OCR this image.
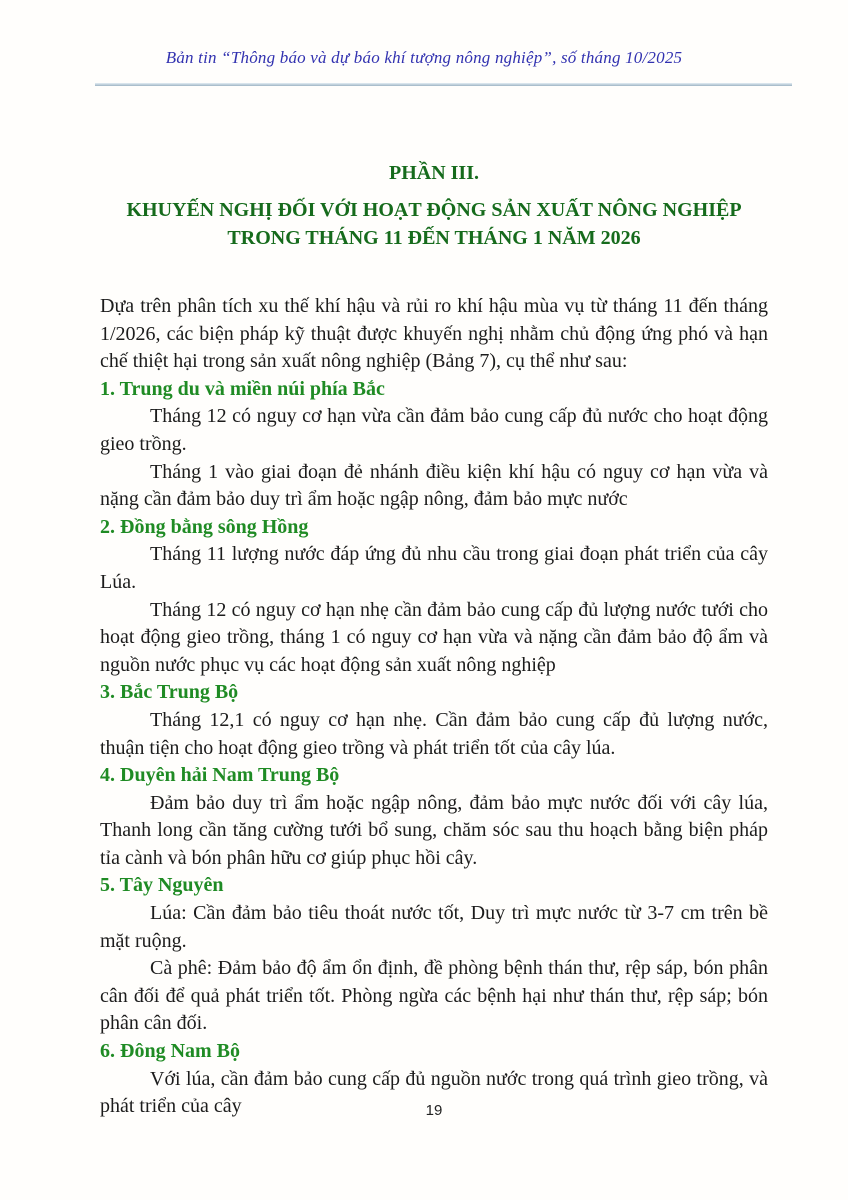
Bản tin “Thông báo và dự báo khí tượng nông nghiệp”, số tháng 10/2025
PHẦN III.
KHUYẾN NGHỊ ĐỐI VỚI HOẠT ĐỘNG SẢN XUẤT NÔNG NGHIỆP
TRONG THÁNG 11 ĐẾN THÁNG 1 NĂM 2026

Dựa trên phân tích xu thế khí hậu và rủi ro khí hậu mùa vụ từ tháng 11 đến tháng 1/2026, các biện pháp kỹ thuật được khuyến nghị nhằm chủ động ứng phó và hạn chế thiệt hại trong sản xuất nông nghiệp (Bảng 7), cụ thể như sau:

1. Trung du và miền núi phía Bắc

Tháng 12 có nguy cơ hạn vừa cần đảm bảo cung cấp đủ nước cho hoạt động gieo trồng.

Tháng 1 vào giai đoạn đẻ nhánh điều kiện khí hậu có nguy cơ hạn vừa và nặng cần đảm bảo duy trì ẩm hoặc ngập nông, đảm bảo mực nước

2. Đồng bằng sông Hồng

Tháng 11 lượng nước đáp ứng đủ nhu cầu trong giai đoạn phát triển của cây Lúa.

Tháng 12 có nguy cơ hạn nhẹ cần đảm bảo cung cấp đủ lượng nước tưới cho hoạt động gieo trồng, tháng 1 có nguy cơ hạn vừa và nặng cần đảm bảo độ ẩm và nguồn nước phục vụ các hoạt động sản xuất nông nghiệp

3. Bắc Trung Bộ

Tháng 12,1 có nguy cơ hạn nhẹ. Cần đảm bảo cung cấp đủ lượng nước, thuận tiện cho hoạt động gieo trồng và phát triển tốt của cây lúa.

4. Duyên hải Nam Trung Bộ

Đảm bảo duy trì ẩm hoặc ngập nông, đảm bảo mực nước đối với cây lúa, Thanh long cần tăng cường tưới bổ sung, chăm sóc sau thu hoạch bằng biện pháp tỉa cành và bón phân hữu cơ giúp phục hồi cây.

5. Tây Nguyên

Lúa: Cần đảm bảo tiêu thoát nước tốt, Duy trì mực nước từ 3-7 cm trên bề mặt ruộng.

Cà phê: Đảm bảo độ ẩm ổn định, đề phòng bệnh thán thư, rệp sáp, bón phân cân đối để quả phát triển tốt. Phòng ngừa các bệnh hại như thán thư, rệp sáp; bón phân cân đối.

6. Đông Nam Bộ

Với lúa, cần đảm bảo cung cấp đủ nguồn nước trong quá trình gieo trồng, và phát triển của cây	19
